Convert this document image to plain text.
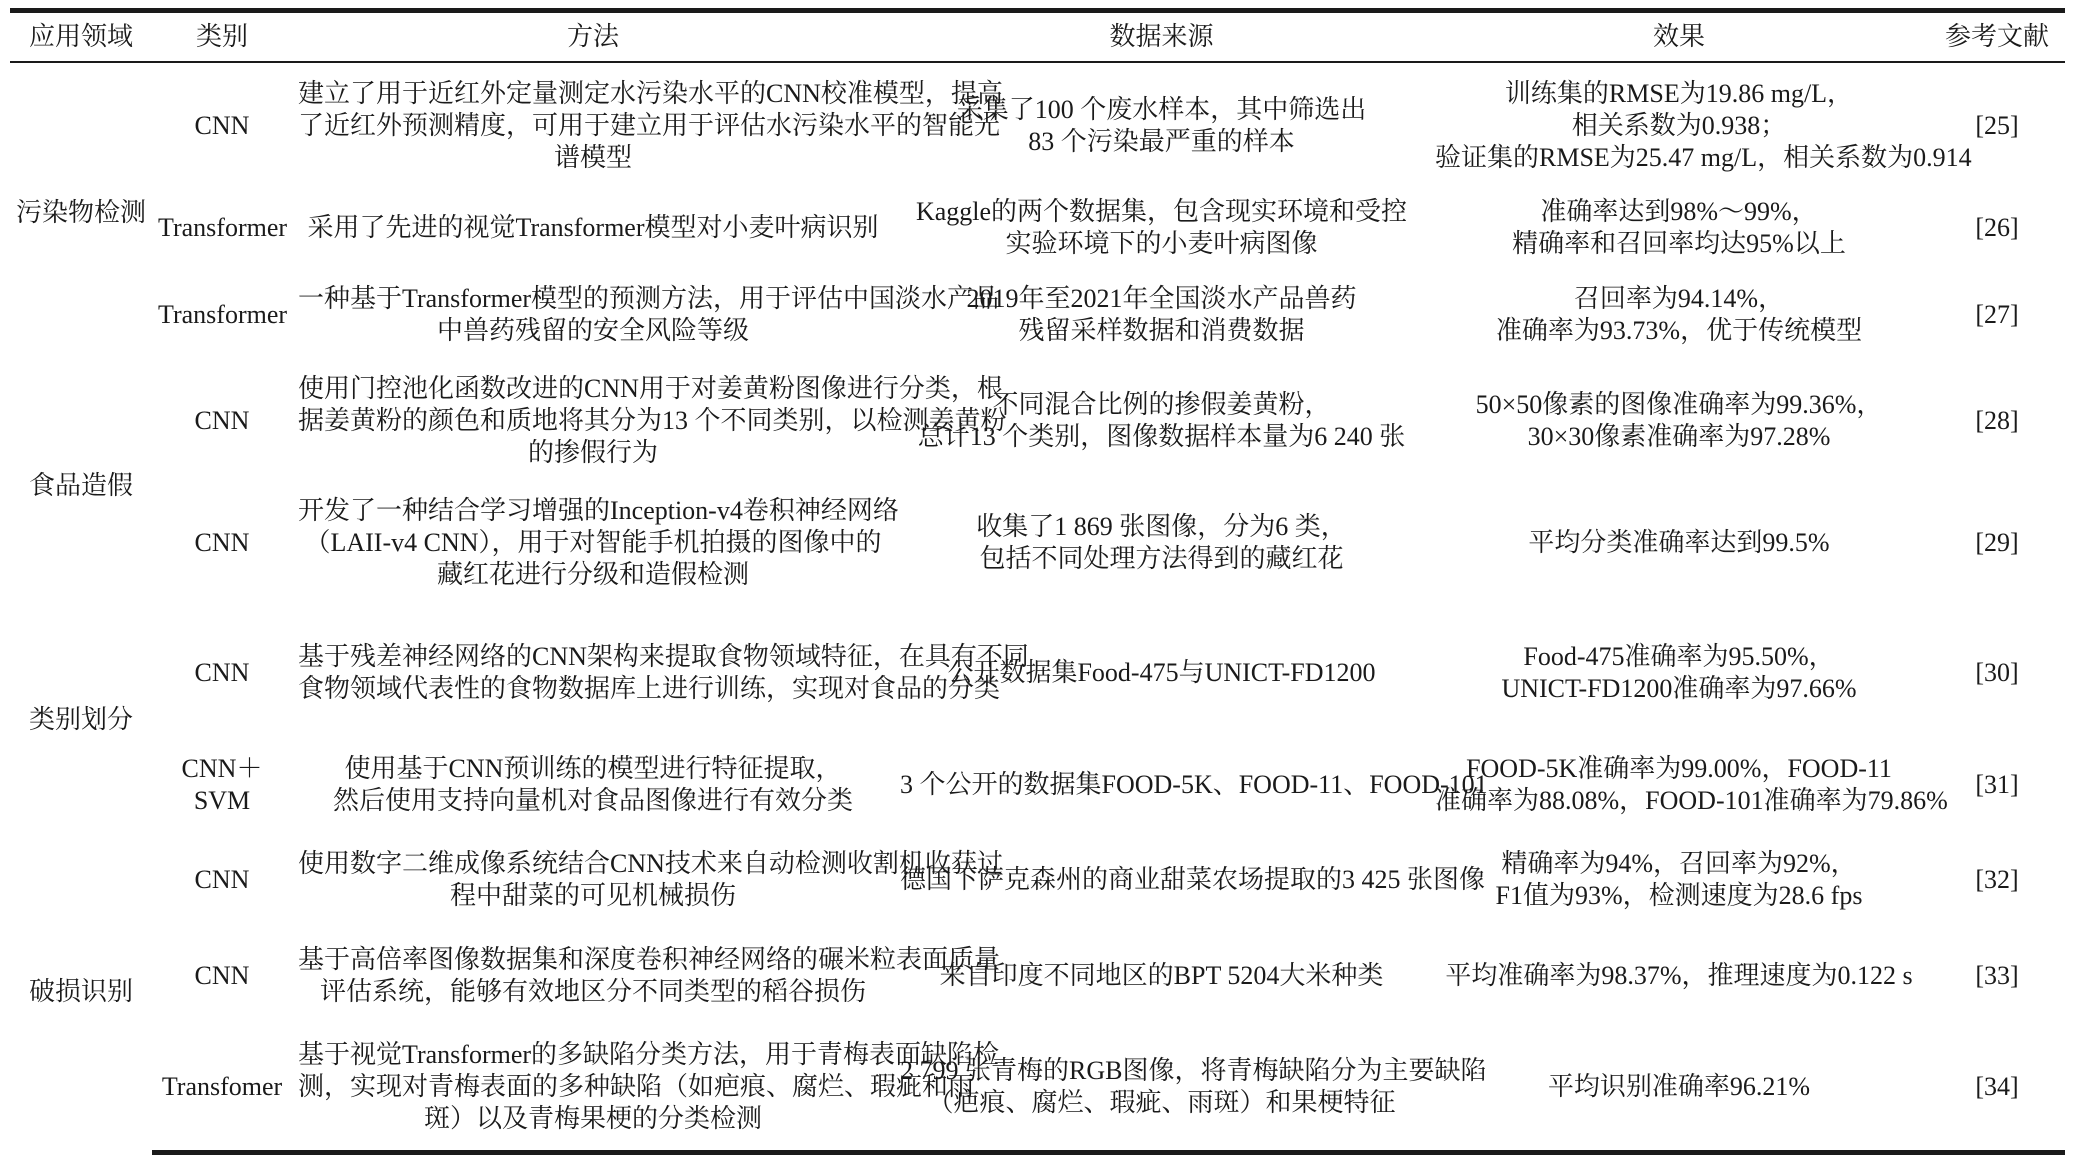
应用领域	类别	方法	数据来源	效果	参考文献
污染物检测	CNN	建立了用于近红外定量测定水污染水平的CNN校准模型，提高
了近红外预测精度，可用于建立用于评估水污染水平的智能光
谱模型	采集了100 个废水样本，其中筛选出
83 个污染最严重的样本	训练集的RMSE为19.86 mg/L，
相关系数为0.938；
验证集的RMSE为25.47 mg/L，相关系数为0.914	[25]
	Transformer	采用了先进的视觉Transformer模型对小麦叶病识别	Kaggle的两个数据集，包含现实环境和受控
实验环境下的小麦叶病图像	准确率达到98%～99%，
精确率和召回率均达95%以上	[26]
	Transformer	一种基于Transformer模型的预测方法，用于评估中国淡水产品
中兽药残留的安全风险等级	2019年至2021年全国淡水产品兽药
残留采样数据和消费数据	召回率为94.14%，
准确率为93.73%，优于传统模型	[27]
食品造假	CNN	使用门控池化函数改进的CNN用于对姜黄粉图像进行分类，根
据姜黄粉的颜色和质地将其分为13 个不同类别，以检测姜黄粉
的掺假行为	不同混合比例的掺假姜黄粉，
总计13 个类别，图像数据样本量为6 240 张	50×50像素的图像准确率为99.36%，
30×30像素准确率为97.28%	[28]
	CNN	开发了一种结合学习增强的Inception-v4卷积神经网络
（LAII-v4 CNN），用于对智能手机拍摄的图像中的
藏红花进行分级和造假检测	收集了1 869 张图像，分为6 类，
包括不同处理方法得到的藏红花	平均分类准确率达到99.5%	[29]
类别划分	CNN	基于残差神经网络的CNN架构来提取食物领域特征，在具有不同
食物领域代表性的食物数据库上进行训练，实现对食品的分类	公开数据集Food-475与UNICT-FD1200	Food-475准确率为95.50%，
UNICT-FD1200准确率为97.66%	[30]
	CNN＋SVM	使用基于CNN预训练的模型进行特征提取，
然后使用支持向量机对食品图像进行有效分类	3 个公开的数据集FOOD-5K、FOOD-11、FOOD-101	FOOD-5K准确率为99.00%，FOOD-11
准确率为88.08%，FOOD-101准确率为79.86%	[31]
破损识别	CNN	使用数字二维成像系统结合CNN技术来自动检测收割机收获过
程中甜菜的可见机械损伤	德国下萨克森州的商业甜菜农场提取的3 425 张图像	精确率为94%，召回率为92%，
F1值为93%，检测速度为28.6 fps	[32]
	CNN	基于高倍率图像数据集和深度卷积神经网络的碾米粒表面质量
评估系统，能够有效地区分不同类型的稻谷损伤	来自印度不同地区的BPT 5204大米种类	平均准确率为98.37%，推理速度为0.122 s	[33]
	Transfomer	基于视觉Transformer的多缺陷分类方法，用于青梅表面缺陷检
测，实现对青梅表面的多种缺陷（如疤痕、腐烂、瑕疵和雨
斑）以及青梅果梗的分类检测	2 799 张青梅的RGB图像，将青梅缺陷分为主要缺陷
（疤痕、腐烂、瑕疵、雨斑）和果梗特征	平均识别准确率96.21%	[34]
